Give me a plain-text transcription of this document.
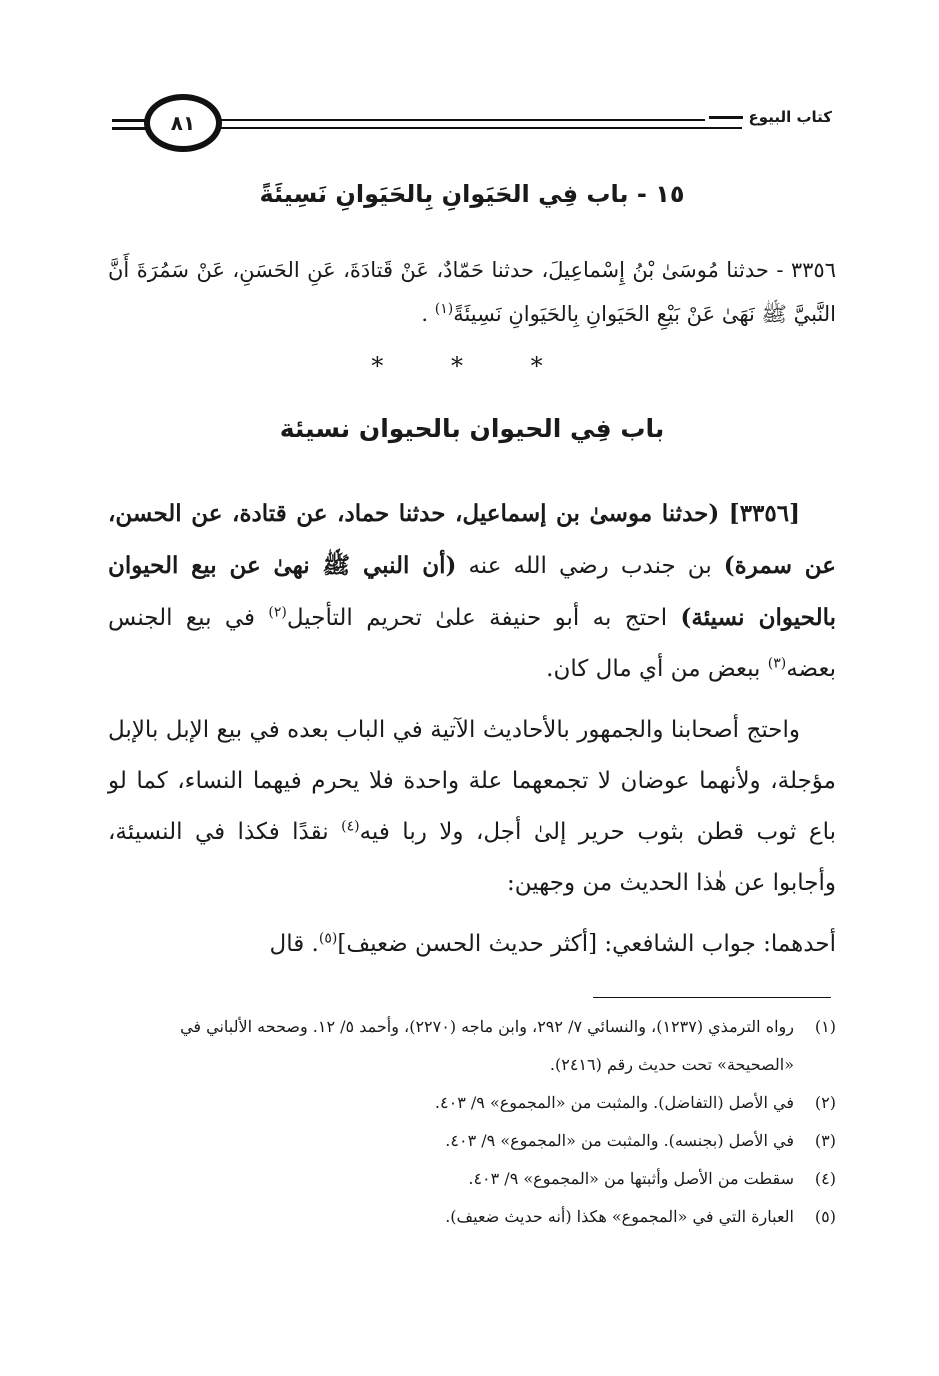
٨١	كتاب البيوع
١٥ - باب فِي الحَيَوانِ بِالحَيَوانِ نَسِيئَةً
٣٣٥٦ - حدثنا مُوسَىٰ بْنُ إِسْماعِيلَ، حدثنا حَمّادٌ، عَنْ قَتادَةَ، عَنِ الحَسَنِ، عَنْ سَمُرَةَ أَنَّ النَّبيَّ ﷺ نَهَىٰ عَنْ بَيْعِ الحَيَوانِ بِالحَيَوانِ نَسِيئَةً$^{(١)}$ .
* * *
باب فِي الحيوان بالحيوان نسيئة

[٣٣٥٦] (حدثنا موسىٰ بن إسماعيل، حدثنا حماد، عن قتادة، عن الحسن، عن سمرة) بن جندب رضي الله عنه (أن النبي ﷺ نهىٰ عن بيع الحيوان بالحيوان نسيئة) احتج به أبو حنيفة علىٰ تحريم التأجيل$^{(٢)}$ في بيع الجنس بعضه$^{(٣)}$ ببعض من أي مال كان.

واحتج أصحابنا والجمهور بالأحاديث الآتية في الباب بعده في بيع الإبل بالإبل مؤجلة، ولأنهما عوضان لا تجمعهما علة واحدة فلا يحرم فيهما النساء، كما لو باع ثوب قطن بثوب حرير إلىٰ أجل، ولا ربا فيه$^{(٤)}$ نقدًا فكذا في النسيئة، وأجابوا عن هٰذا الحديث من وجهين:

أحدهما: جواب الشافعي: [أكثر حديث الحسن ضعيف]$^{(٥)}$. قال

(١)
رواه الترمذي (١٢٣٧)، والنسائي ٧/ ٢٩٢، وابن ماجه (٢٢٧٠)، وأحمد ٥/ ١٢. وصححه الألباني في «الصحيحة» تحت حديث رقم (٢٤١٦).
(٢)
في الأصل (التفاضل). والمثبت من «المجموع» ٩/ ٤٠٣.
(٣)
في الأصل (بجنسه). والمثبت من «المجموع» ٩/ ٤٠٣.
(٤)
سقطت من الأصل وأثبتها من «المجموع» ٩/ ٤٠٣.
(٥)
العبارة التي في «المجموع» هكذا (أنه حديث ضعيف).
